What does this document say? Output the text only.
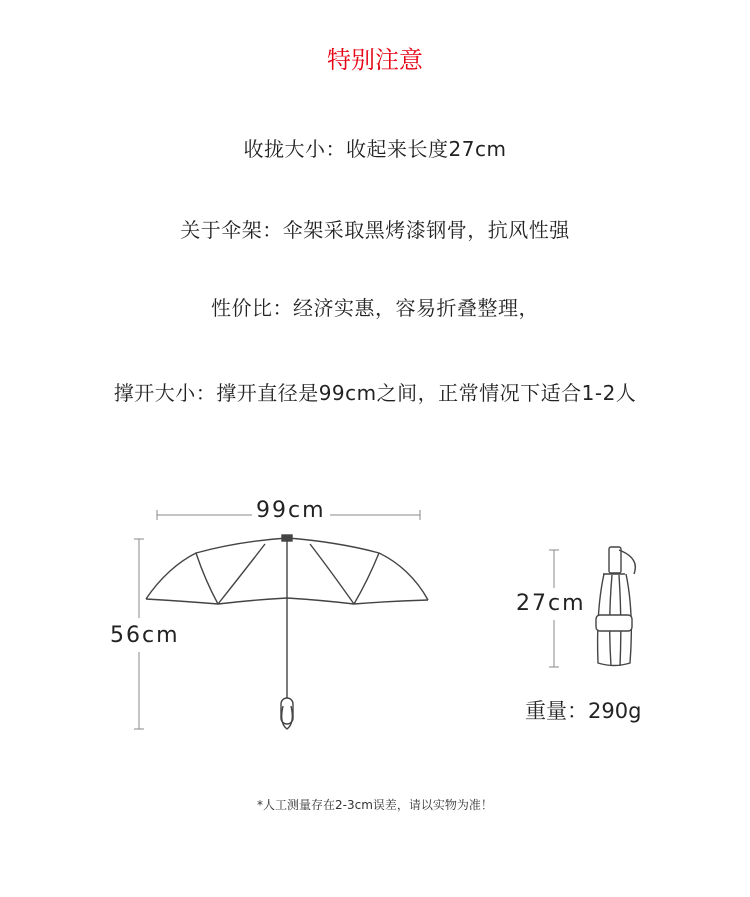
特别注意
收拢大小：收起来长度27cm
关于伞架：伞架采取黑烤漆钢骨，抗风性强
性价比：经济实惠，容易折叠整理，
撑开大小：撑开直径是99cm之间，正常情况下适合1-2人
99cm
56cm
27cm
重量：290g
*人工测量存在2-3cm误差，请以实物为准！
